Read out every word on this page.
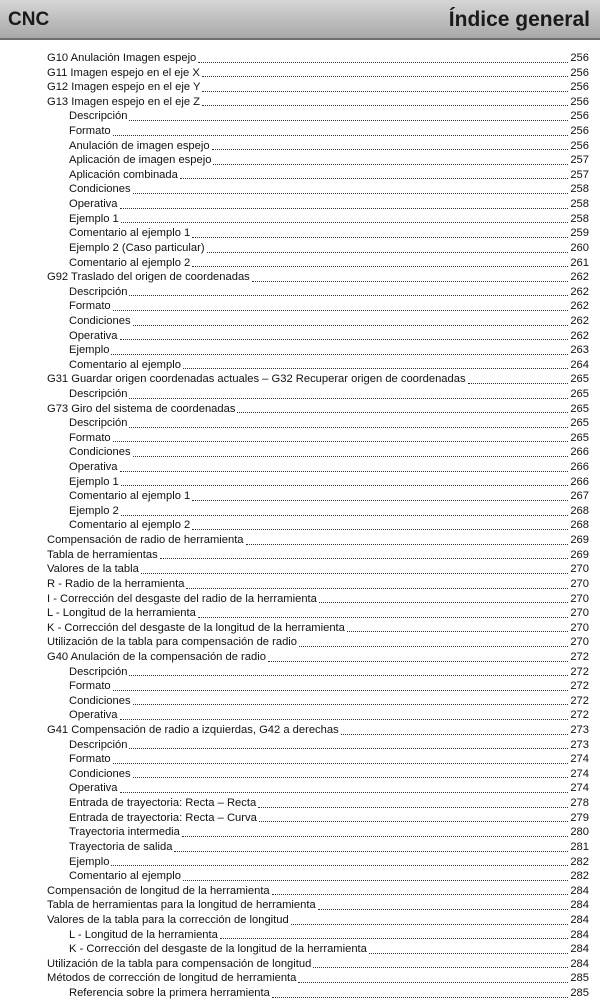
CNC	Índice general
G10 Anulación Imagen espejo	256
G11 Imagen espejo en el eje X	256
G12 Imagen espejo en el eje Y	256
G13 Imagen espejo en el eje Z	256
Descripción	256
Formato	256
Anulación de imagen espejo	256
Aplicación de imagen espejo	257
Aplicación combinada	257
Condiciones	258
Operativa	258
Ejemplo 1	258
Comentario al ejemplo 1	259
Ejemplo 2 (Caso particular)	260
Comentario al ejemplo 2	261
G92 Traslado del origen de coordenadas	262
Descripción	262
Formato	262
Condiciones	262
Operativa	262
Ejemplo	263
Comentario al ejemplo	264
G31 Guardar origen coordenadas actuales – G32 Recuperar origen de coordenadas	265
Descripción	265
G73 Giro del sistema de coordenadas	265
Descripción	265
Formato	265
Condiciones	266
Operativa	266
Ejemplo 1	266
Comentario al ejemplo 1	267
Ejemplo 2	268
Comentario al ejemplo 2	268
Compensación de radio de herramienta	269
Tabla de herramientas	269
Valores de la tabla	270
R - Radio de la herramienta	270
I - Corrección del desgaste del radio de la herramienta	270
L - Longitud de la herramienta	270
K - Corrección del desgaste de la longitud de la herramienta	270
Utilización de la tabla para compensación de radio	270
G40 Anulación de la compensación de radio	272
Descripción	272
Formato	272
Condiciones	272
Operativa	272
G41 Compensación de radio a izquierdas, G42 a derechas	273
Descripción	273
Formato	274
Condiciones	274
Operativa	274
Entrada de trayectoria: Recta – Recta	278
Entrada de trayectoria: Recta – Curva	279
Trayectoria intermedia	280
Trayectoria de salida	281
Ejemplo	282
Comentario al ejemplo	282
Compensación de longitud de la herramienta	284
Tabla de herramientas para la longitud de herramienta	284
Valores de la tabla para la corrección de longitud	284
L - Longitud de la herramienta	284
K - Corrección del desgaste de la longitud de la herramienta	284
Utilización de la tabla para compensación de longitud	284
Métodos de corrección de longitud de herramienta	285
Referencia sobre la primera herramienta	285
